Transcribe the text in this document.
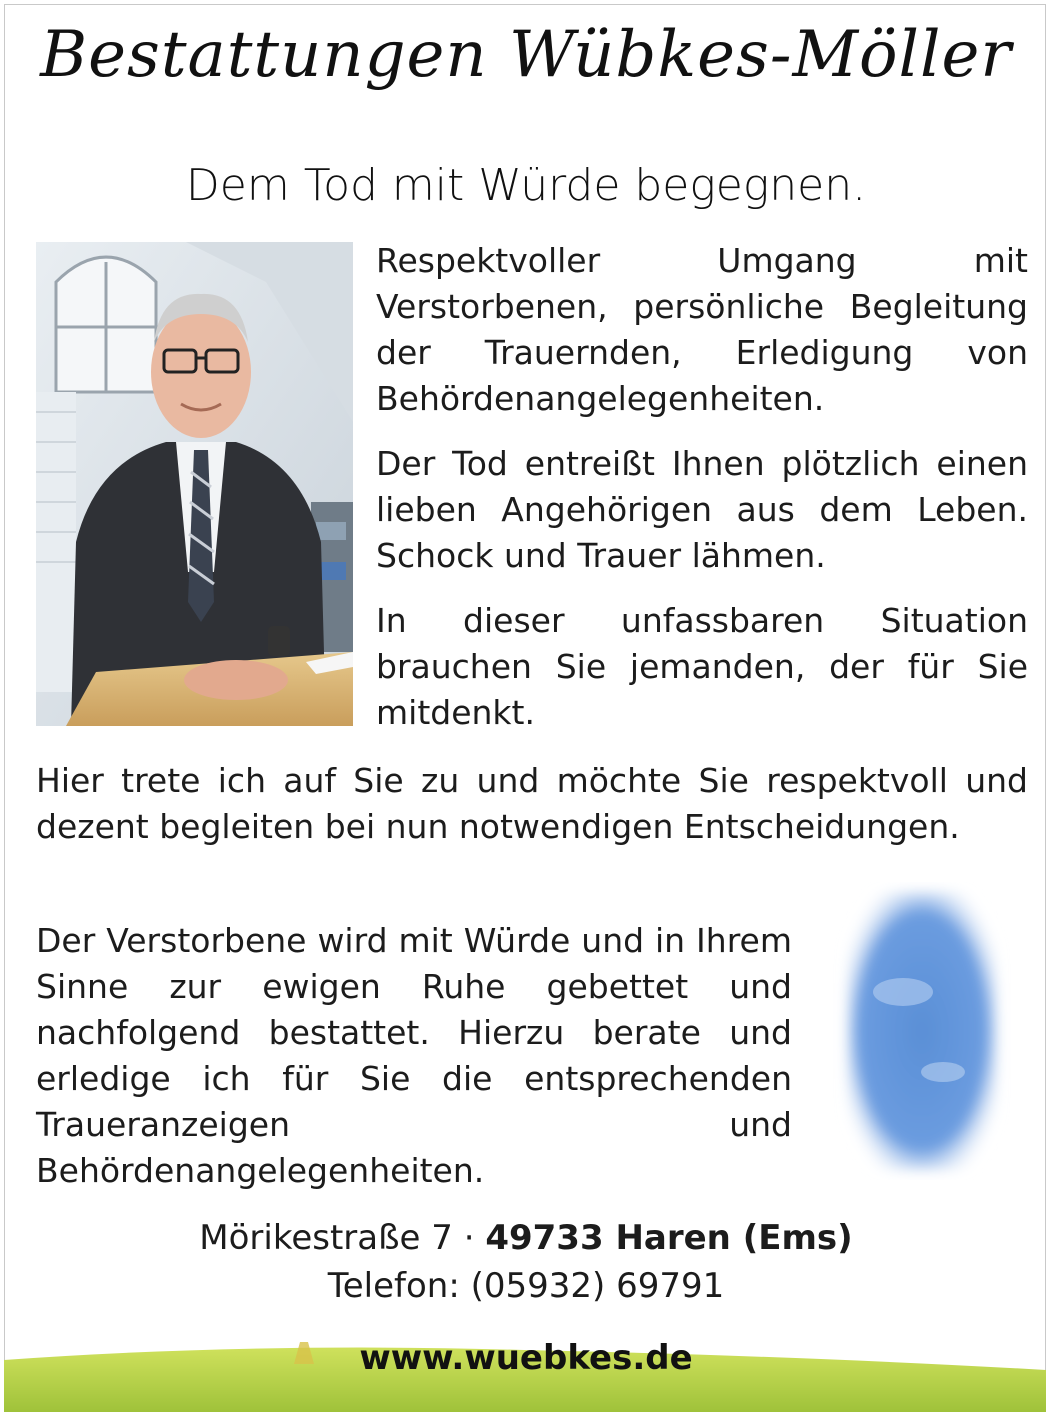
Bestattungen Wübkes-Möller
Dem Tod mit Würde begegnen.

Respektvoller Umgang mit Verstorbenen, persönliche Begleitung der Trauernden, Erledigung von Behördenangelegenheiten.

Der Tod entreißt Ihnen plötzlich einen lieben Angehörigen aus dem Leben. Schock und Trauer lähmen.

In dieser unfassbaren Situation brauchen Sie jemanden, der für Sie mitdenkt.

Hier trete ich auf Sie zu und möchte Sie respektvoll und dezent begleiten bei nun notwendigen Entscheidungen.

Der Verstorbene wird mit Würde und in Ihrem Sinne zur ewigen Ruhe gebettet und nachfolgend bestattet. Hierzu berate und erledige ich für Sie die entsprechenden Traueranzeigen und Behördenangelegenheiten.

Mörikestraße 7 · 49733 Haren (Ems)
Telefon: (05932) 69791
www.wuebkes.de
